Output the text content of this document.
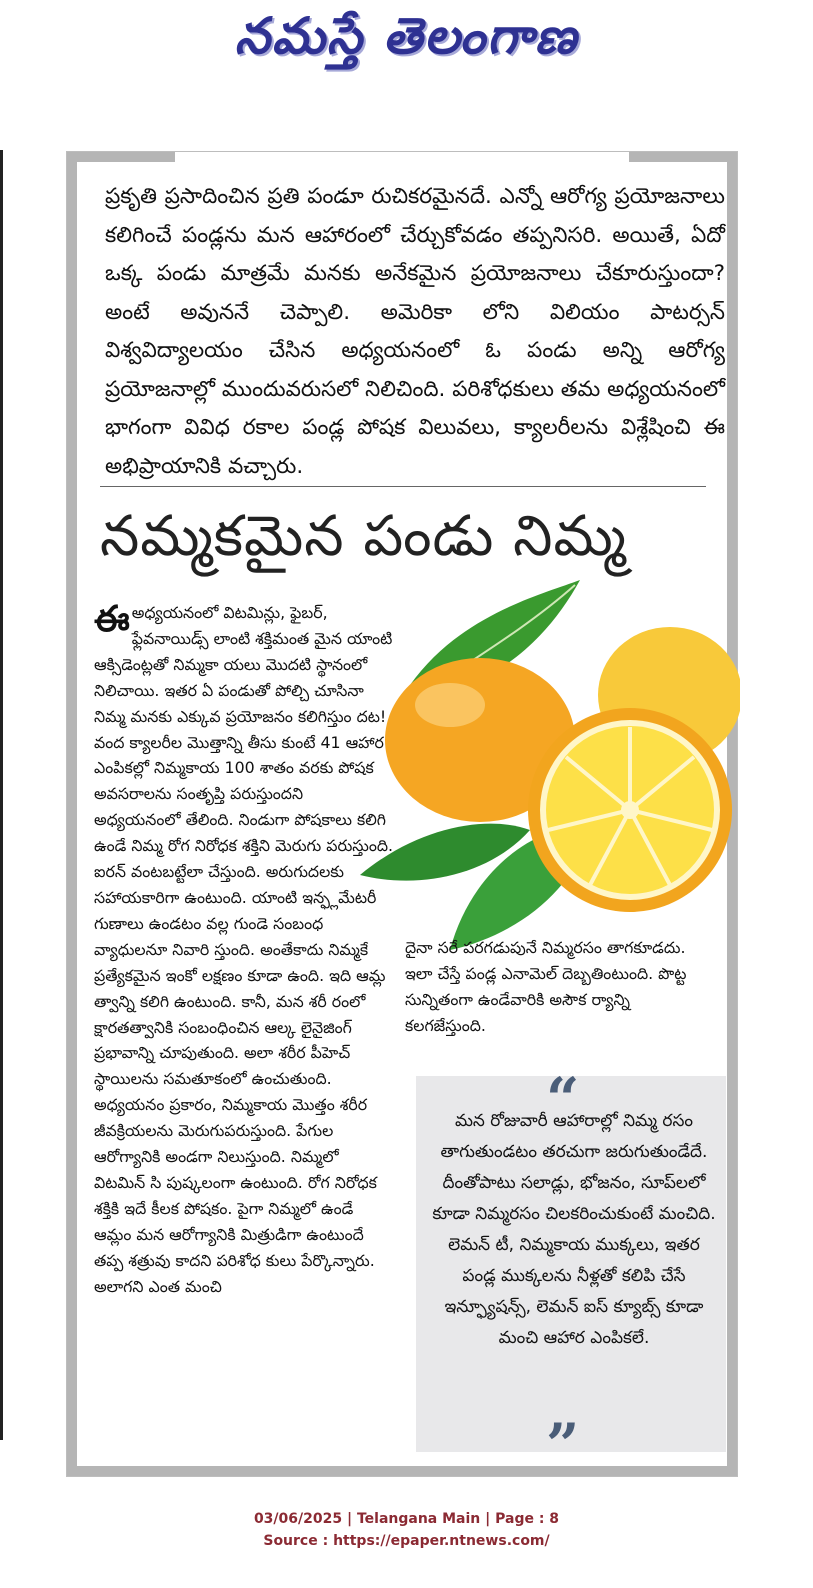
నమస్తే తెలంగాణ
ప్రకృతి ప్రసాదించిన ప్రతి పండూ రుచికరమైనదే. ఎన్నో ఆరోగ్య ప్రయోజనాలు కలిగించే పండ్లను మన ఆహారంలో చేర్చుకోవడం తప్పనిసరి. అయితే, ఏదో ఒక్క పండు మాత్రమే మనకు అనేకమైన ప్రయోజనాలు చేకూరుస్తుందా? అంటే అవుననే చెప్పాలి. అమెరికా లోని విలియం పాటర్సన్ విశ్వవిద్యాలయం చేసిన అధ్యయనంలో ఓ పండు అన్ని ఆరోగ్య ప్రయోజనాల్లో ముందువరుసలో నిలిచింది. పరిశోధకులు తమ అధ్యయనంలో భాగంగా వివిధ రకాల పండ్ల పోషక విలువలు, క్యాలరీలను విశ్లేషించి ఈ అభిప్రాయానికి వచ్చారు.
నమ్మకమైన పండు నిమ్మ
ఈ అధ్యయనంలో విటమిన్లు, ఫైబర్, ఫ్లేవనాయిడ్స్ లాంటి శక్తిమంత మైన యాంటి ఆక్సిడెంట్లతో నిమ్మకా యలు మొదటి స్థానంలో నిలిచాయి. ఇతర ఏ పండుతో పోల్చి చూసినా నిమ్మ మనకు ఎక్కువ ప్రయోజనం కలిగిస్తుం దట! వంద క్యాలరీల మొత్తాన్ని తీసు కుంటే 41 ఆహార ఎంపికల్లో నిమ్మకాయ 100 శాతం వరకు పోషక అవసరాలను సంతృప్తి పరుస్తుందని అధ్యయనంలో తేలింది. నిండుగా పోషకాలు కలిగి ఉండే నిమ్మ రోగ నిరోధక శక్తిని మెరుగు పరుస్తుంది. ఐరన్ వంటబట్టేలా చేస్తుంది. అరుగుదలకు సహాయకారిగా ఉంటుంది. యాంటి ఇన్ఫ్లమేటరీ గుణాలు ఉండటం వల్ల గుండె సంబంధ వ్యాధులనూ నివారి స్తుంది. అంతేకాదు నిమ్మకే ప్రత్యేకమైన ఇంకో లక్షణం కూడా ఉంది. ఇది ఆమ్ల త్వాన్ని కలిగి ఉంటుంది. కానీ, మన శరీ రంలో క్షారతత్వానికి సంబంధించిన ఆల్క లైనైజింగ్ ప్రభావాన్ని చూపుతుంది. అలా శరీర పీహెచ్ స్థాయిలను సమతూకంలో ఉంచుతుంది. అధ్యయనం ప్రకారం, నిమ్మకాయ మొత్తం శరీర జీవక్రియలను మెరుగుపరుస్తుంది. పేగుల ఆరోగ్యానికి అండగా నిలుస్తుంది. నిమ్మలో విటమిన్ సి పుష్కలంగా ఉంటుంది. రోగ నిరోధక శక్తికి ఇదే కీలక పోషకం. పైగా నిమ్మలో ఉండే ఆమ్లం మన ఆరోగ్యానికి మిత్రుడిగా ఉంటుందే తప్ప శత్రువు కాదని పరిశోధ కులు పేర్కొన్నారు. అలాగని ఎంత మంచి
దైనా సరే పరగడుపునే నిమ్మరసం తాగకూడదు. ఇలా చేస్తే పండ్ల ఎనామెల్ దెబ్బతింటుంది. పొట్ట సున్నితంగా ఉండేవారికి అసౌక ర్యాన్ని కలగజేస్తుంది.
“
మన రోజువారీ ఆహారాల్లో నిమ్మ రసం తాగుతుండటం తరచుగా జరుగుతుండేదే. దీంతోపాటు సలాడ్లు, భోజనం, సూప్‌లలో కూడా నిమ్మరసం చిలకరించుకుంటే మంచిది. లెమన్ టీ, నిమ్మకాయ ముక్కలు, ఇతర పండ్ల ముక్కలను నీళ్లతో కలిపి చేసే ఇన్ఫ్యూషన్స్, లెమన్ ఐస్ క్యూబ్స్ కూడా మంచి ఆహార ఎంపికలే.
”
03/06/2025 | Telangana Main | Page : 8
Source : https://epaper.ntnews.com/
